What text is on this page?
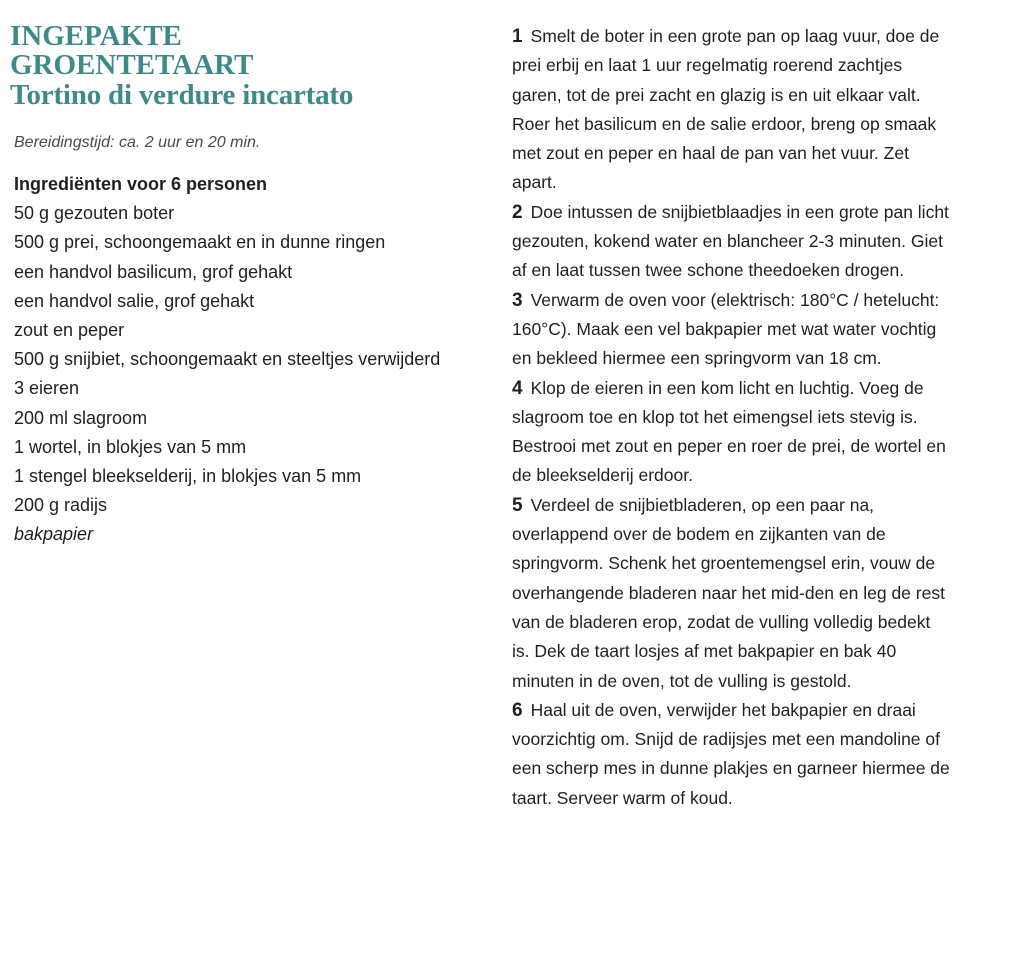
INGEPAKTE
GROENTETAART
Tortino di verdure incartato
Bereidingstijd: ca. 2 uur en 20 min.
Ingrediënten voor 6 personen
50 g gezouten boter
500 g prei, schoongemaakt en in dunne ringen
een handvol basilicum, grof gehakt
een handvol salie, grof gehakt
zout en peper
500 g snijbiet, schoongemaakt en steeltjes verwijderd
3 eieren
200 ml slagroom
1 wortel, in blokjes van 5 mm
1 stengel bleekselderij, in blokjes van 5 mm
200 g radijs
bakpapier

1 Smelt de boter in een grote pan op laag vuur, doe de prei erbij en laat 1 uur regelmatig roerend zachtjes garen, tot de prei zacht en glazig is en uit elkaar valt. Roer het basilicum en de salie erdoor, breng op smaak met zout en peper en haal de pan van het vuur. Zet apart.

2 Doe intussen de snijbietblaadjes in een grote pan licht gezouten, kokend water en blancheer 2-3 minuten. Giet af en laat tussen twee schone theedoeken drogen.

3 Verwarm de oven voor (elektrisch: 180°C / hetelucht: 160°C). Maak een vel bakpapier met wat water vochtig en bekleed hiermee een springvorm van 18 cm.

4 Klop de eieren in een kom licht en luchtig. Voeg de slagroom toe en klop tot het eimengsel iets stevig is. Bestrooi met zout en peper en roer de prei, de wortel en de bleekselderij erdoor.

5 Verdeel de snijbietbladeren, op een paar na, overlappend over de bodem en zijkanten van de springvorm. Schenk het groentemengsel erin, vouw de overhangende bladeren naar het mid-den en leg de rest van de bladeren erop, zodat de vulling volledig bedekt is. Dek de taart losjes af met bakpapier en bak 40 minuten in de oven, tot de vulling is gestold.

6 Haal uit de oven, verwijder het bakpapier en draai voorzichtig om. Snijd de radijsjes met een mandoline of een scherp mes in dunne plakjes en garneer hiermee de taart. Serveer warm of koud.
